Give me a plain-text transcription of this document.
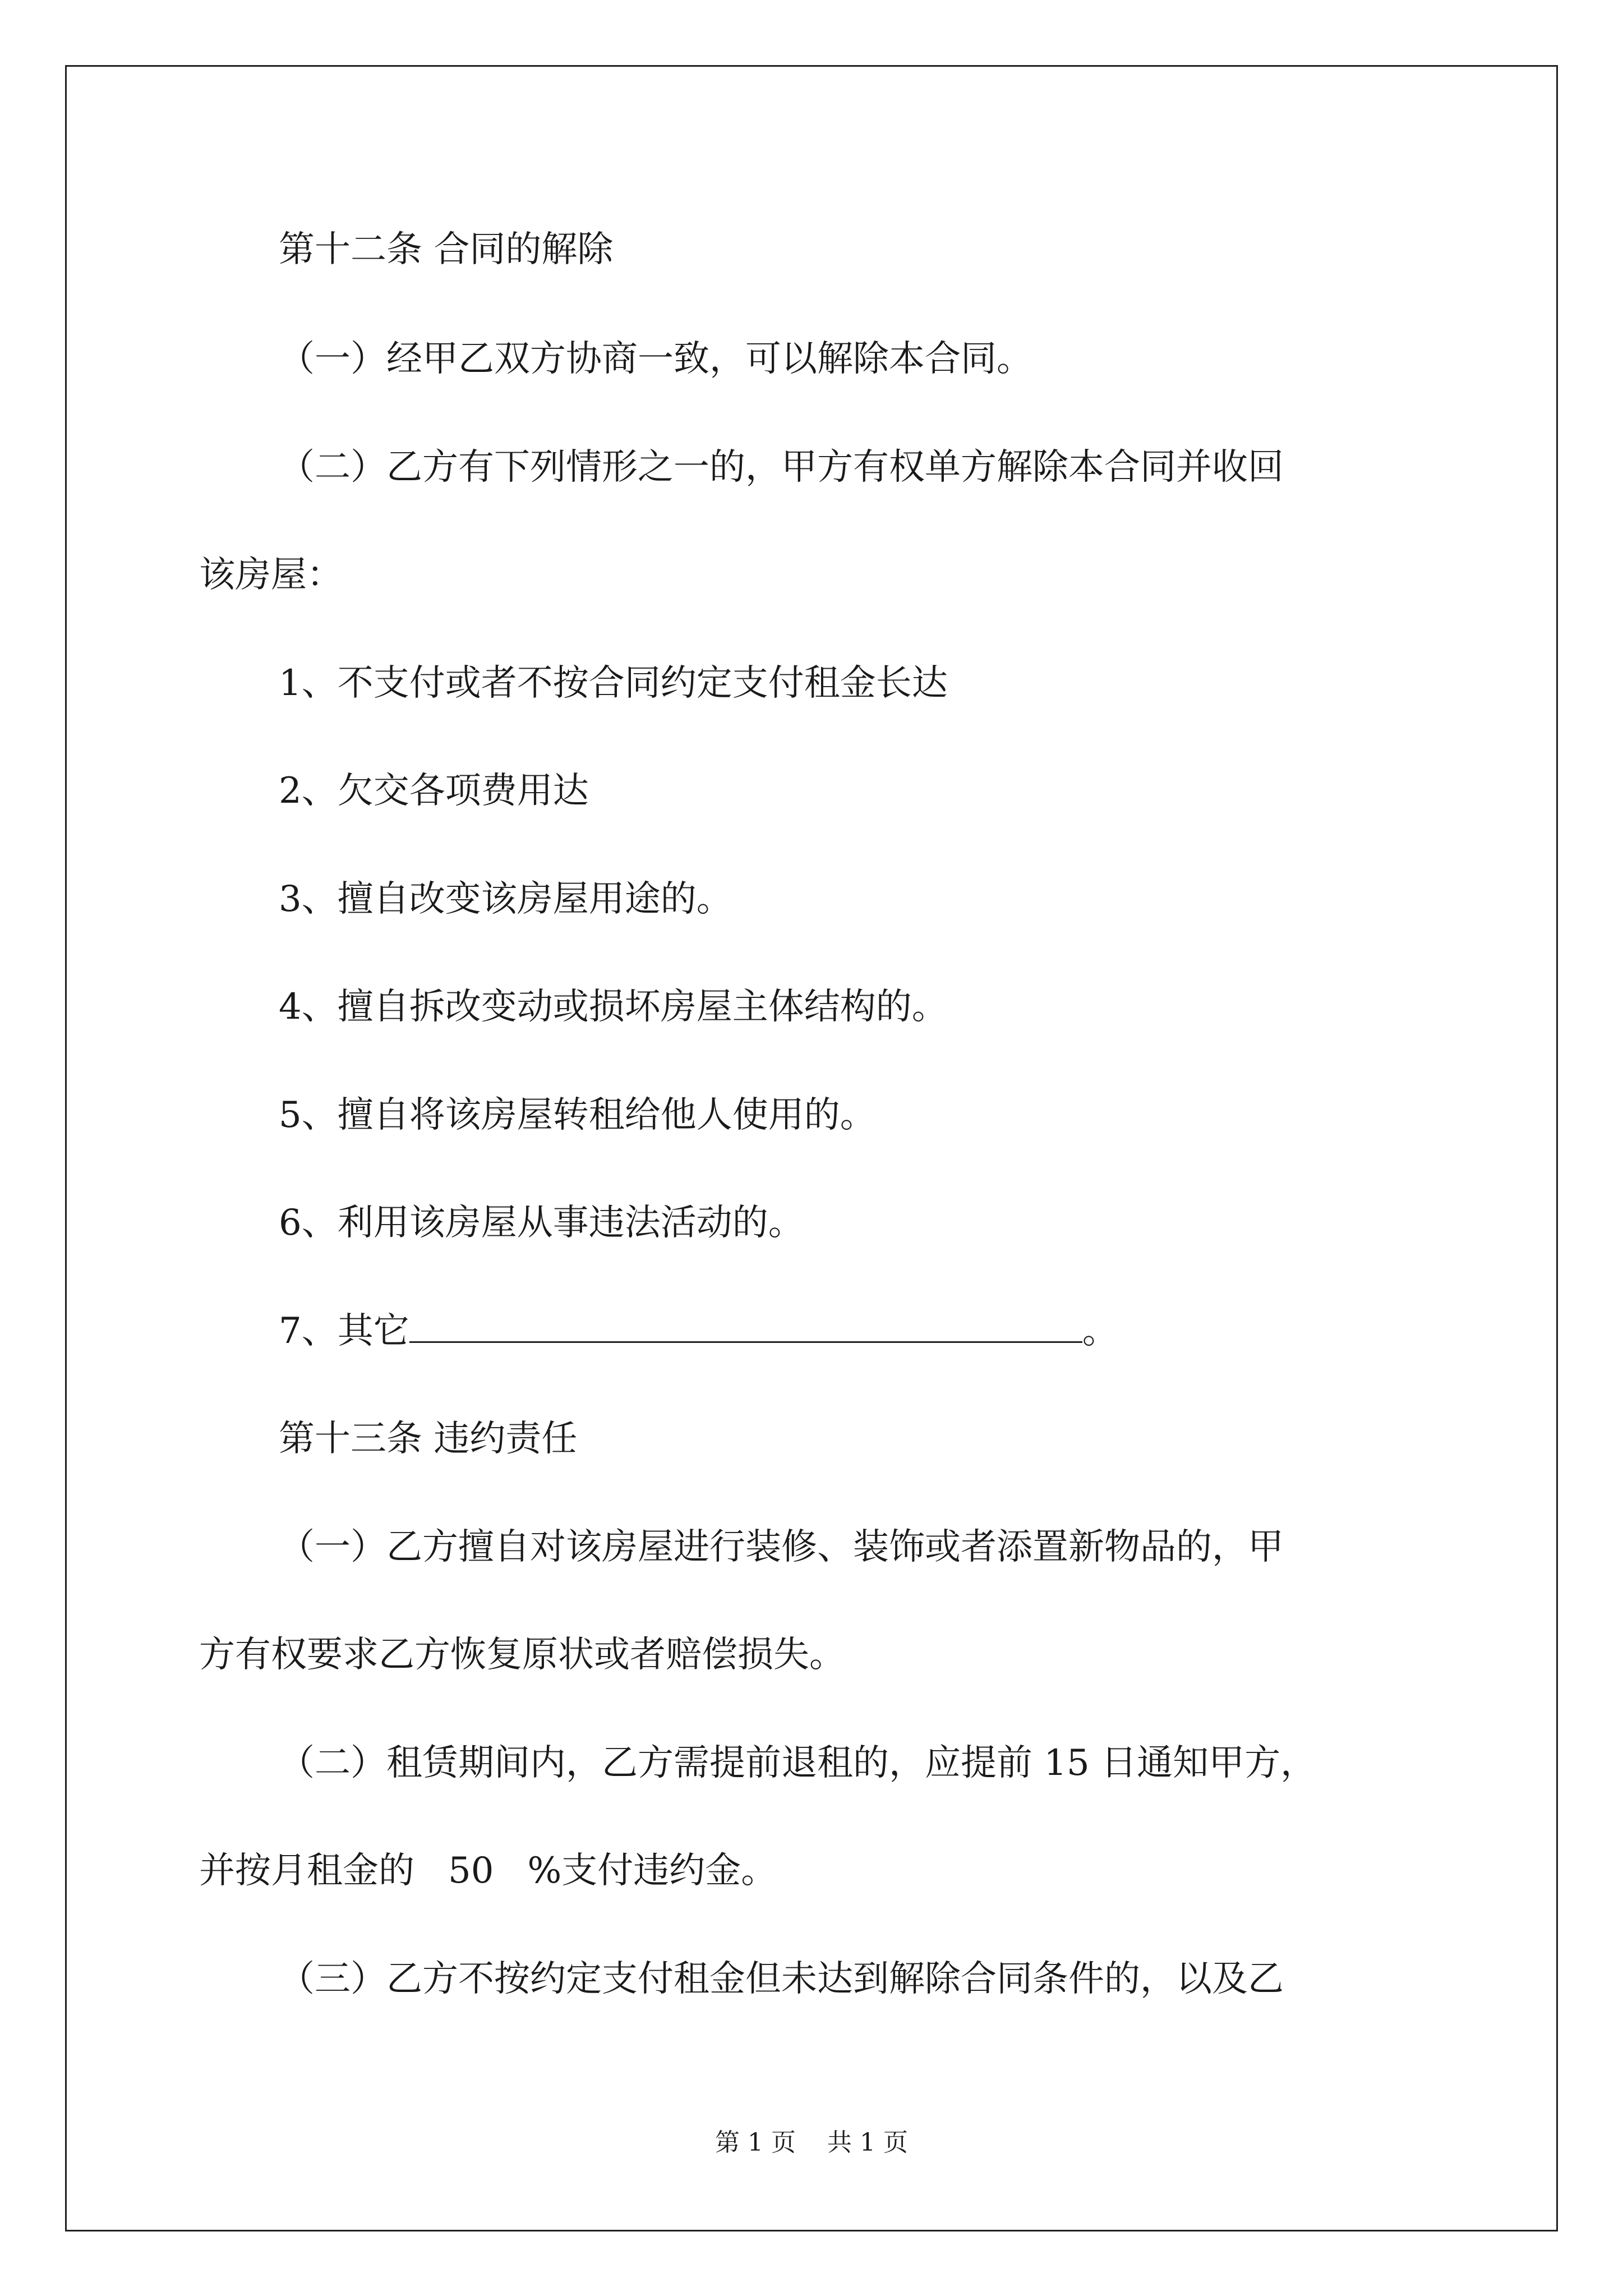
第十二条 合同的解除
（一）经甲乙双方协商一致，可以解除本合同。
（二）乙方有下列情形之一的，甲方有权单方解除本合同并收回
该房屋：
1、不支付或者不按合同约定支付租金长达
2、欠交各项费用达
3、擅自改变该房屋用途的。
4、擅自拆改变动或损坏房屋主体结构的。
5、擅自将该房屋转租给他人使用的。
6、利用该房屋从事违法活动的。
7、其它	。
第十三条 违约责任
（一）乙方擅自对该房屋进行装修、装饰或者添置新物品的，甲
方有权要求乙方恢复原状或者赔偿损失。
（二）租赁期间内，乙方需提前退租的，应提前 15 日通知甲方，
并按月租金的 50 %支付违约金。
（三）乙方不按约定支付租金但未达到解除合同条件的，以及乙
第 1 页 共 1 页
